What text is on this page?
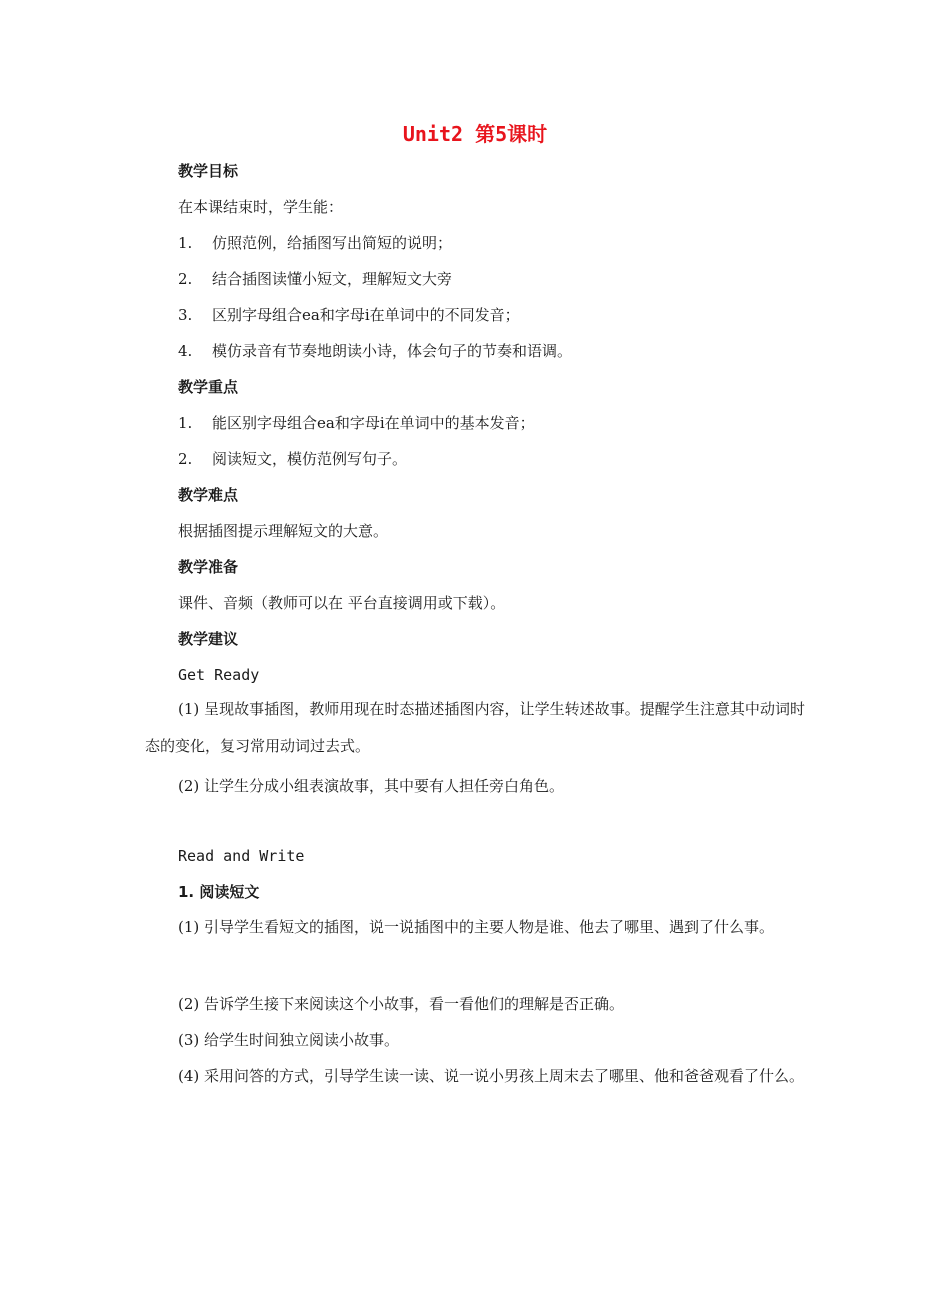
Unit2 第5课时
教学目标
在本课结束时，学生能：
1. 仿照范例，给插图写出简短的说明；
2. 结合插图读懂小短文，理解短文大旁
3. 区别字母组合ea和字母i在单词中的不同发音；
4. 模仿录音有节奏地朗读小诗，体会句子的节奏和语调。
教学重点
1. 能区别字母组合ea和字母i在单词中的基本发音；
2. 阅读短文，模仿范例写句子。
教学难点
根据插图提示理解短文的大意。
教学准备
课件、音频（教师可以在 平台直接调用或下载）。
教学建议
Get Ready

(1) 呈现故事插图，教师用现在时态描述插图内容，让学生转述故事。提醒学生注意其中动词时态的变化，复习常用动词过去式。

(2) 让学生分成小组表演故事，其中要有人担任旁白角色。

Read and Write
1. 阅读短文

(1) 引导学生看短文的插图，说一说插图中的主要人物是谁、他去了哪里、遇到了什么事。

(2) 告诉学生接下来阅读这个小故事，看一看他们的理解是否正确。

(3) 给学生时间独立阅读小故事。

(4) 采用问答的方式，引导学生读一读、说一说小男孩上周末去了哪里、他和爸爸观看了什么。
